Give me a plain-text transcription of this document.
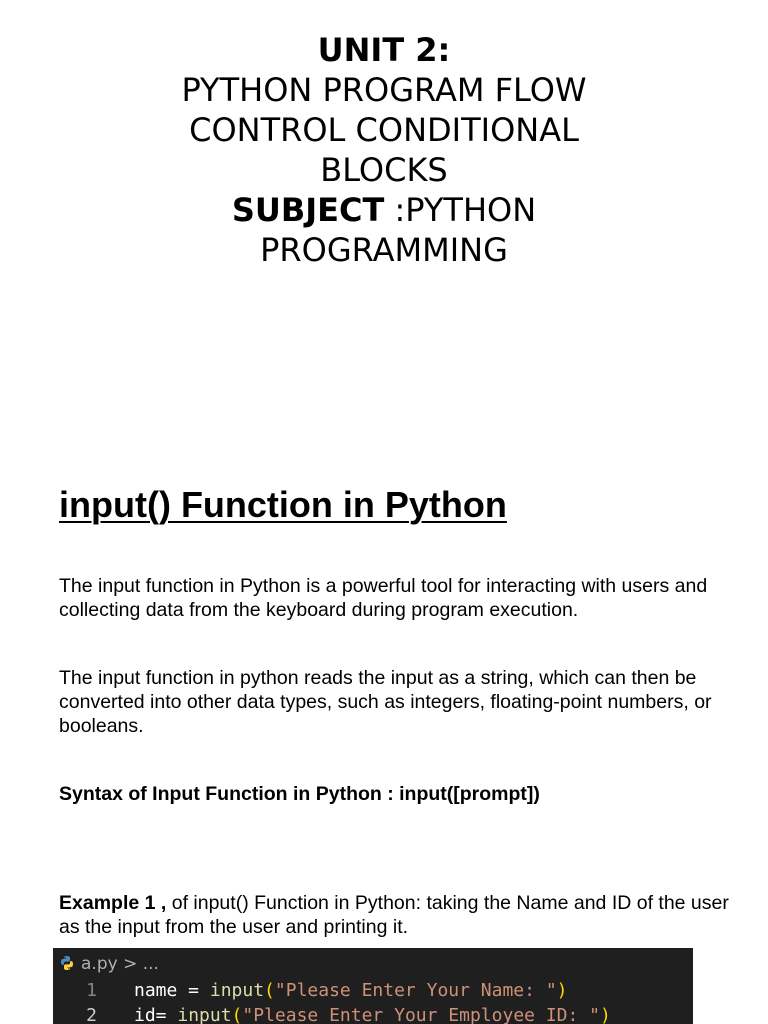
UNIT 2:
PYTHON PROGRAM FLOW
CONTROL CONDITIONAL
BLOCKS
SUBJECT :PYTHON
PROGRAMMING
input() Function in Python
The input function in Python is a powerful tool for interacting with users and collecting data from the keyboard during program execution.
The input function in python reads the input as a string, which can then be converted into other data types, such as integers, floating-point numbers, or booleans.
Syntax of Input Function in Python : input([prompt])
Example 1 , of input() Function in Python: taking the Name and ID of the user as the input from the user and printing it.
a.py > ...
1 name = input("Please Enter Your Name: ")
2 id= input("Please Enter Your Employee ID: ")
